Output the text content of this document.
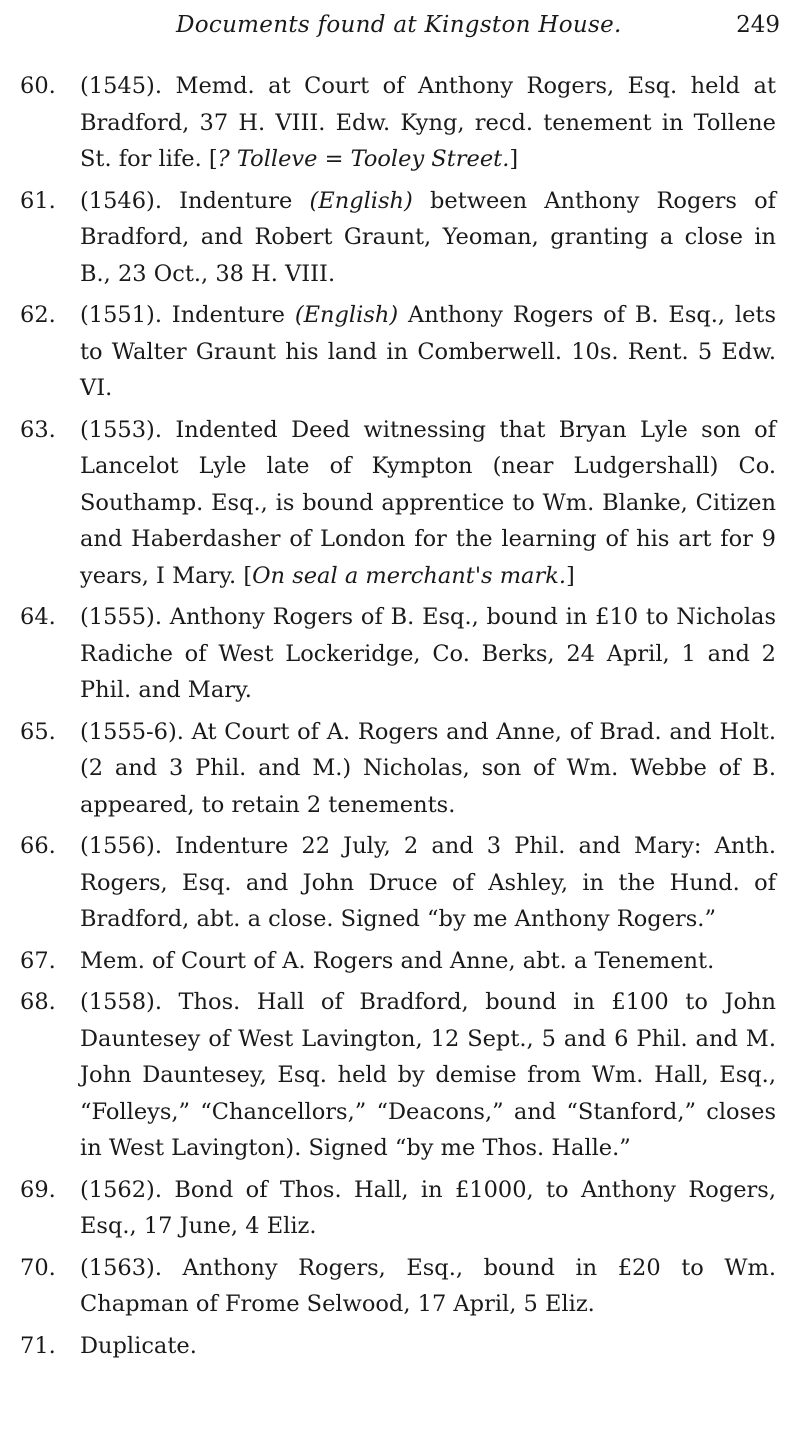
Documents found at Kingston House.	249
60. (1545). Memd. at Court of Anthony Rogers, Esq. held at Bradford, 37 H. VIII. Edw. Kyng, recd. tenement in Tollene St. for life. [? Tolleve = Tooley Street.]
61. (1546). Indenture (English) between Anthony Rogers of Bradford, and Robert Graunt, Yeoman, granting a close in B., 23 Oct., 38 H. VIII.
62. (1551). Indenture (English) Anthony Rogers of B. Esq., lets to Walter Graunt his land in Comberwell. 10s. Rent. 5 Edw. VI.
63. (1553). Indented Deed witnessing that Bryan Lyle son of Lancelot Lyle late of Kympton (near Ludgershall) Co. Southamp. Esq., is bound apprentice to Wm. Blanke, Citizen and Haberdasher of London for the learning of his art for 9 years, I Mary. [On seal a merchant's mark.]
64. (1555). Anthony Rogers of B. Esq., bound in £10 to Nicholas Radiche of West Lockeridge, Co. Berks, 24 April, 1 and 2 Phil. and Mary.
65. (1555-6). At Court of A. Rogers and Anne, of Brad. and Holt. (2 and 3 Phil. and M.) Nicholas, son of Wm. Webbe of B. appeared, to retain 2 tenements.
66. (1556). Indenture 22 July, 2 and 3 Phil. and Mary: Anth. Rogers, Esq. and John Druce of Ashley, in the Hund. of Bradford, abt. a close. Signed “by me Anthony Rogers.”
67. Mem. of Court of A. Rogers and Anne, abt. a Tenement.
68. (1558). Thos. Hall of Bradford, bound in £100 to John Dauntesey of West Lavington, 12 Sept., 5 and 6 Phil. and M. John Dauntesey, Esq. held by demise from Wm. Hall, Esq., “Folleys,” “Chancellors,” “Deacons,” and “Stanford,” closes in West Lavington). Signed “by me Thos. Halle.”
69. (1562). Bond of Thos. Hall, in £1000, to Anthony Rogers, Esq., 17 June, 4 Eliz.
70. (1563). Anthony Rogers, Esq., bound in £20 to Wm. Chapman of Frome Selwood, 17 April, 5 Eliz.
71. Duplicate.
